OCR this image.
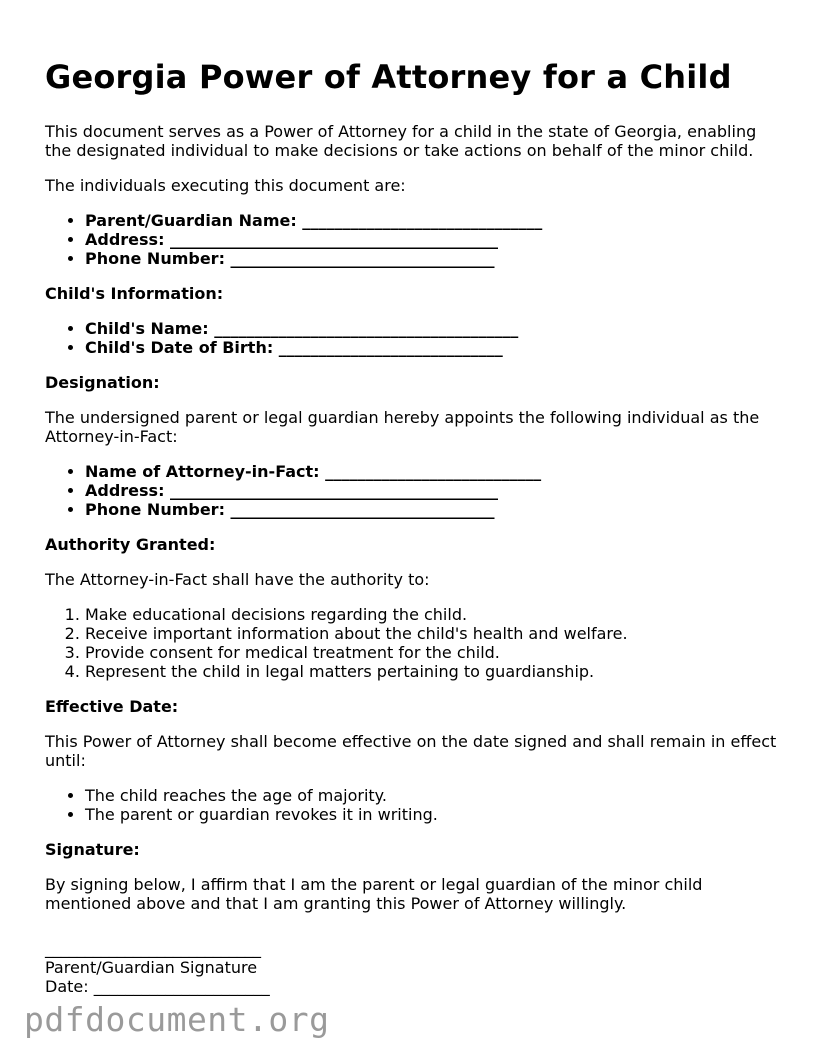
Georgia Power of Attorney for a Child

This document serves as a Power of Attorney for a child in the state of Georgia, enabling the designated individual to make decisions or take actions on behalf of the minor child.

The individuals executing this document are:

• Parent/Guardian Name: ______________________________
• Address: _________________________________________
• Phone Number: _________________________________
Child's Information:
• Child's Name: ______________________________________
• Child's Date of Birth: ____________________________
Designation:

The undersigned parent or legal guardian hereby appoints the following individual as the Attorney-in-Fact:

• Name of Attorney-in-Fact: ___________________________
• Address: _________________________________________
• Phone Number: _________________________________
Authority Granted:

The Attorney-in-Fact shall have the authority to:

1. Make educational decisions regarding the child.
2. Receive important information about the child's health and welfare.
3. Provide consent for medical treatment for the child.
4. Represent the child in legal matters pertaining to guardianship.
Effective Date:

This Power of Attorney shall become effective on the date signed and shall remain in effect until:

• The child reaches the age of majority.
• The parent or guardian revokes it in writing.
Signature:

By signing below, I affirm that I am the parent or legal guardian of the minor child mentioned above and that I am granting this Power of Attorney willingly.

___________________________
Parent/Guardian Signature
Date: ______________________
pdfdocument.org
